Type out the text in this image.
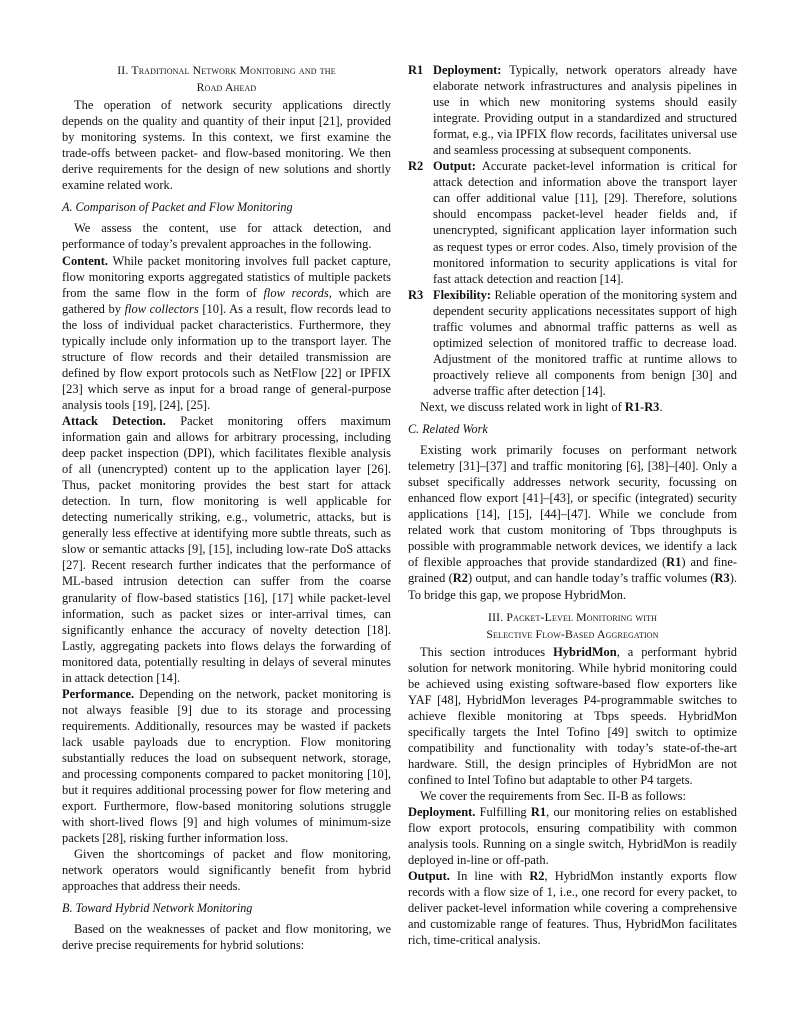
II. Traditional Network Monitoring and the
Road Ahead

The operation of network security applications directly depends on the quality and quantity of their input [21], provided by monitoring systems. In this context, we first examine the trade-offs between packet- and flow-based monitoring. We then derive requirements for the design of new solutions and shortly examine related work.

A. Comparison of Packet and Flow Monitoring

We assess the content, use for attack detection, and performance of today’s prevalent approaches in the following.

Content. While packet monitoring involves full packet capture, flow monitoring exports aggregated statistics of multiple packets from the same flow in the form of flow records, which are gathered by flow collectors [10]. As a result, flow records lead to the loss of individual packet characteristics. Furthermore, they typically include only information up to the transport layer. The structure of flow records and their detailed transmission are defined by flow export protocols such as NetFlow [22] or IPFIX [23] which serve as input for a broad range of general-purpose analysis tools [19], [24], [25].

Attack Detection. Packet monitoring offers maximum information gain and allows for arbitrary processing, including deep packet inspection (DPI), which facilitates flexible analysis of all (unencrypted) content up to the application layer [26]. Thus, packet monitoring provides the best start for attack detection. In turn, flow monitoring is well applicable for detecting numerically striking, e.g., volumetric, attacks, but is generally less effective at identifying more subtle threats, such as slow or semantic attacks [9], [15], including low-rate DoS attacks [27]. Recent research further indicates that the performance of ML-based intrusion detection can suffer from the coarse granularity of flow-based statistics [16], [17] while packet-level information, such as packet sizes or inter-arrival times, can significantly enhance the accuracy of novelty detection [18]. Lastly, aggregating packets into flows delays the forwarding of monitored data, potentially resulting in delays of several minutes in attack detection [14].

Performance. Depending on the network, packet monitoring is not always feasible [9] due to its storage and processing requirements. Additionally, resources may be wasted if packets lack usable payloads due to encryption. Flow monitoring substantially reduces the load on subsequent network, storage, and processing components compared to packet monitoring [10], but it requires additional processing power for flow metering and export. Furthermore, flow-based monitoring solutions struggle with short-lived flows [9] and high volumes of minimum-size packets [28], risking further information loss.

Given the shortcomings of packet and flow monitoring, network operators would significantly benefit from hybrid approaches that address their needs.

B. Toward Hybrid Network Monitoring

Based on the weaknesses of packet and flow monitoring, we derive precise requirements for hybrid solutions:

R1 Deployment: Typically, network operators already have elaborate network infrastructures and analysis pipelines in use in which new monitoring systems should easily integrate. Providing output in a standardized and structured format, e.g., via IPFIX flow records, facilitates universal use and seamless processing at subsequent components.
R2 Output: Accurate packet-level information is critical for attack detection and information above the transport layer can offer additional value [11], [29]. Therefore, solutions should encompass packet-level header fields and, if unencrypted, significant application layer information such as request types or error codes. Also, timely provision of the monitored information to security applications is vital for fast attack detection and reaction [14].
R3 Flexibility: Reliable operation of the monitoring system and dependent security applications necessitates support of high traffic volumes and abnormal traffic patterns as well as optimized selection of monitored traffic to decrease load. Adjustment of the monitored traffic at runtime allows to proactively relieve all components from benign [30] and adverse traffic after detection [14].

Next, we discuss related work in light of R1-R3.

C. Related Work

Existing work primarily focuses on performant network telemetry [31]–[37] and traffic monitoring [6], [38]–[40]. Only a subset specifically addresses network security, focussing on enhanced flow export [41]–[43], or specific (integrated) security applications [14], [15], [44]–[47]. While we conclude from related work that custom monitoring of Tbps throughputs is possible with programmable network devices, we identify a lack of flexible approaches that provide standardized (R1) and fine-grained (R2) output, and can handle today’s traffic volumes (R3). To bridge this gap, we propose HybridMon.

III. Packet-Level Monitoring with
Selective Flow-Based Aggregation

This section introduces HybridMon, a performant hybrid solution for network monitoring. While hybrid monitoring could be achieved using existing software-based flow exporters like YAF [48], HybridMon leverages P4-programmable switches to achieve flexible monitoring at Tbps speeds. HybridMon specifically targets the Intel Tofino [49] switch to optimize compatibility and functionality with today’s state-of-the-art hardware. Still, the design principles of HybridMon are not confined to Intel Tofino but adaptable to other P4 targets.

We cover the requirements from Sec. II-B as follows:

Deployment. Fulfilling R1, our monitoring relies on established flow export protocols, ensuring compatibility with common analysis tools. Running on a single switch, HybridMon is readily deployed in-line or off-path.

Output. In line with R2, HybridMon instantly exports flow records with a flow size of 1, i.e., one record for every packet, to deliver packet-level information while covering a comprehensive and customizable range of features. Thus, HybridMon facilitates rich, time-critical analysis.
